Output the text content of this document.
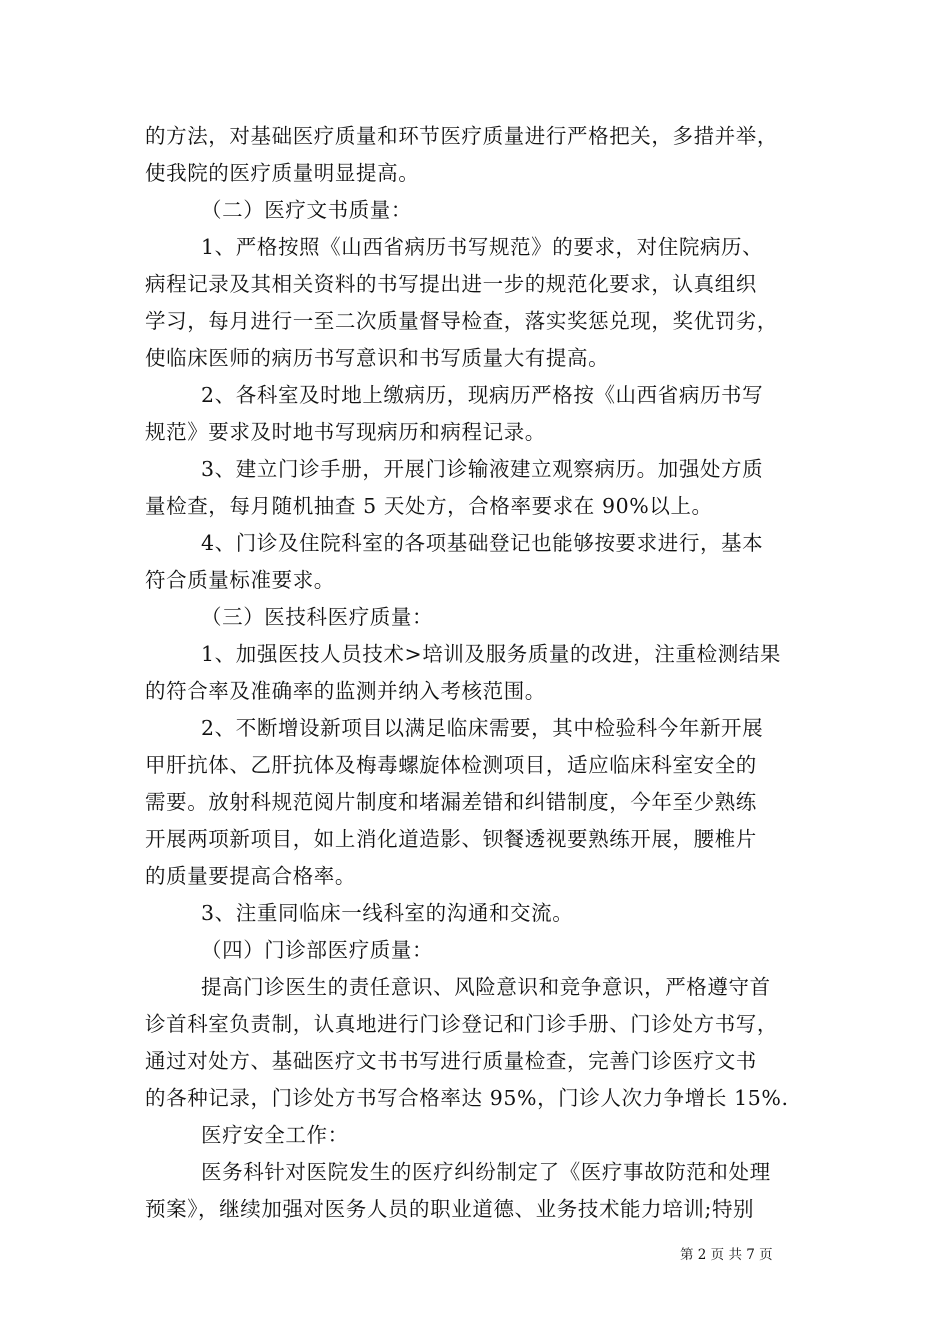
的方法，对基础医疗质量和环节医疗质量进行严格把关，多措并举，
使我院的医疗质量明显提高。
（二）医疗文书质量：
1、严格按照《山西省病历书写规范》的要求，对住院病历、
病程记录及其相关资料的书写提出进一步的规范化要求，认真组织
学习，每月进行一至二次质量督导检查，落实奖惩兑现，奖优罚劣，
使临床医师的病历书写意识和书写质量大有提高。
2、各科室及时地上缴病历，现病历严格按《山西省病历书写
规范》要求及时地书写现病历和病程记录。
3、建立门诊手册，开展门诊输液建立观察病历。加强处方质
量检查，每月随机抽查 5 天处方，合格率要求在 90%以上。
4、门诊及住院科室的各项基础登记也能够按要求进行，基本
符合质量标准要求。
（三）医技科医疗质量：
1、加强医技人员技术>培训及服务质量的改进，注重检测结果
的符合率及准确率的监测并纳入考核范围。
2、不断增设新项目以满足临床需要，其中检验科今年新开展
甲肝抗体、乙肝抗体及梅毒螺旋体检测项目，适应临床科室安全的
需要。放射科规范阅片制度和堵漏差错和纠错制度，今年至少熟练
开展两项新项目，如上消化道造影、钡餐透视要熟练开展，腰椎片
的质量要提高合格率。
3、注重同临床一线科室的沟通和交流。
（四）门诊部医疗质量：
提高门诊医生的责任意识、风险意识和竞争意识，严格遵守首
诊首科室负责制，认真地进行门诊登记和门诊手册、门诊处方书写，
通过对处方、基础医疗文书书写进行质量检查，完善门诊医疗文书
的各种记录，门诊处方书写合格率达 95%，门诊人次力争增长 15%.
医疗安全工作：
医务科针对医院发生的医疗纠纷制定了《医疗事故防范和处理
预案》，继续加强对医务人员的职业道德、业务技术能力培训;特别
第 2 页 共 7 页
